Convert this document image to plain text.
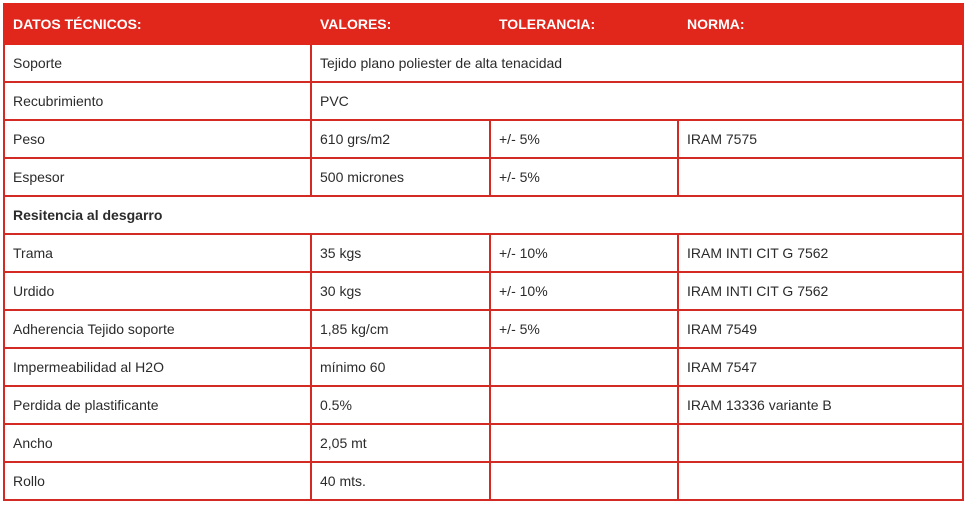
DATOS TÉCNICOS:	VALORES:	TOLERANCIA:	NORMA:
Soporte	Tejido plano poliester de alta tenacidad		
Recubrimiento	PVC		
Peso	610 grs/m2	+/- 5%	IRAM 7575
Espesor	500 micrones	+/- 5%	
Resitencia al desgarro			
Trama	35 kgs	+/- 10%	IRAM INTI CIT G 7562
Urdido	30 kgs	+/- 10%	IRAM INTI CIT G 7562
Adherencia Tejido soporte	1,85 kg/cm	+/- 5%	IRAM 7549
Impermeabilidad al H2O	mínimo 60		IRAM 7547
Perdida de plastificante	0.5%		IRAM 13336 variante B
Ancho	2,05 mt		
Rollo	40 mts.		
